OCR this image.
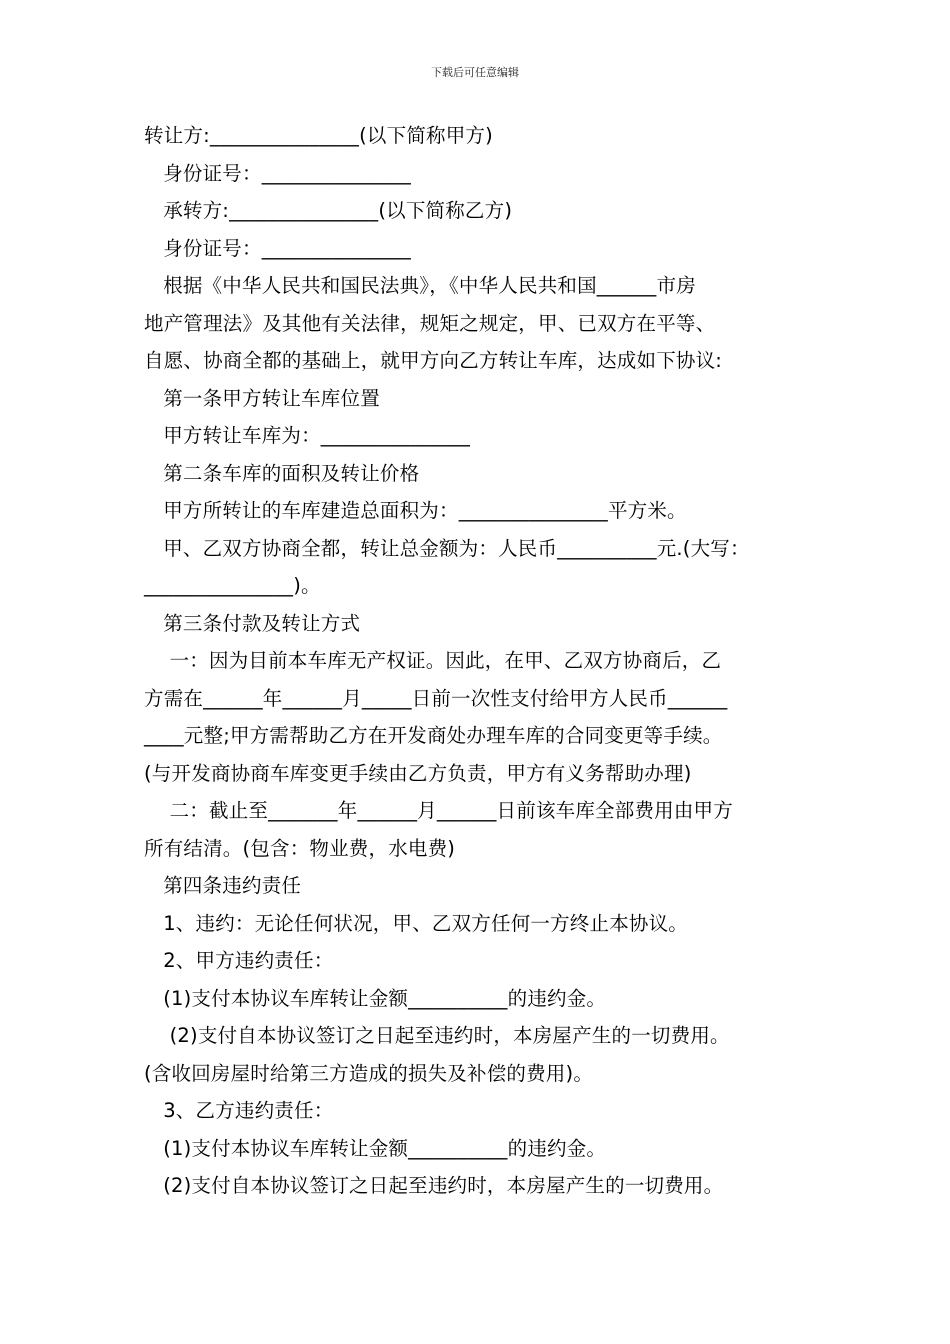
下载后可任意编辑
转让方:_______________(以下简称甲方)
身份证号：_______________
承转方:_______________(以下简称乙方)
身份证号：_______________
根据《中华人民共和国民法典》，《中华人民共和国______市房
地产管理法》及其他有关法律，规矩之规定，甲、已双方在平等、
自愿、协商全都的基础上，就甲方向乙方转让车库，达成如下协议:
第一条甲方转让车库位置
甲方转让车库为：_______________
第二条车库的面积及转让价格
甲方所转让的车库建造总面积为：_______________平方米。
甲、乙双方协商全都，转让总金额为：人民币__________元.(大写：
_______________)。
第三条付款及转让方式
一：因为目前本车库无产权证。因此，在甲、乙双方协商后，乙
方需在______年______月_____日前一次性支付给甲方人民币______
____元整;甲方需帮助乙方在开发商处办理车库的合同变更等手续。
(与开发商协商车库变更手续由乙方负责，甲方有义务帮助办理)
二：截止至_______年______月______日前该车库全部费用由甲方
所有结清。(包含：物业费，水电费)
第四条违约责任
1、违约：无论任何状况，甲、乙双方任何一方终止本协议。
2、甲方违约责任：
(1)支付本协议车库转让金额__________的违约金。
(2)支付自本协议签订之日起至违约时，本房屋产生的一切费用。
(含收回房屋时给第三方造成的损失及补偿的费用)。
3、乙方违约责任：
(1)支付本协议车库转让金额__________的违约金。
(2)支付自本协议签订之日起至违约时，本房屋产生的一切费用。
